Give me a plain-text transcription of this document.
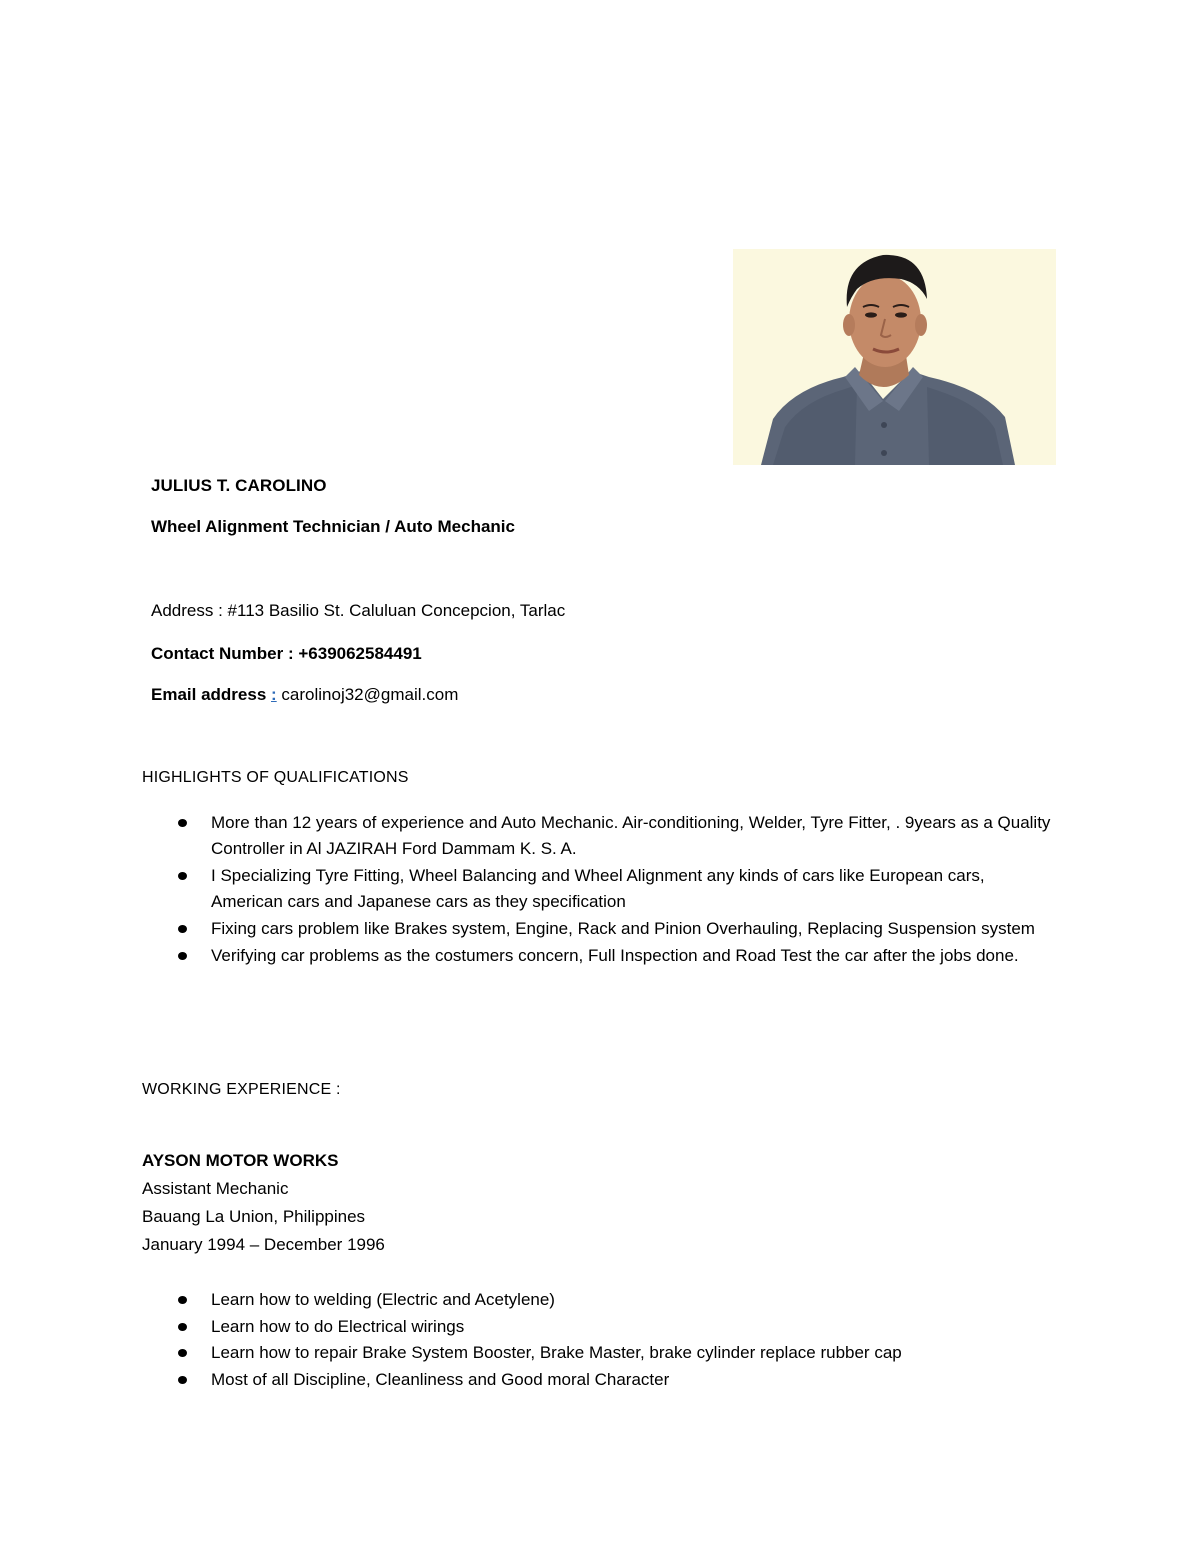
JULIUS T. CAROLINO
Wheel Alignment Technician / Auto Mechanic
Address : #113 Basilio St. Caluluan Concepcion, Tarlac
Contact Number : +639062584491
Email address : carolinoj32@gmail.com
HIGHLIGHTS OF QUALIFICATIONS
More than 12 years of experience and Auto Mechanic. Air-conditioning, Welder, Tyre Fitter, . 9years as a Quality Controller in Al JAZIRAH Ford Dammam K. S. A.
I Specializing Tyre Fitting, Wheel Balancing and Wheel Alignment any kinds of cars like European cars, American cars and Japanese cars as they specification
Fixing cars problem like Brakes system, Engine, Rack and Pinion Overhauling, Replacing Suspension system
Verifying car problems as the costumers concern, Full Inspection and Road Test the car after the jobs done.
WORKING EXPERIENCE :
AYSON MOTOR WORKS
Assistant Mechanic
Bauang La Union, Philippines
January 1994 – December 1996
Learn how to welding (Electric and Acetylene)
Learn how to do Electrical wirings
Learn how to repair Brake System Booster, Brake Master, brake cylinder replace rubber cap
Most of all Discipline, Cleanliness and Good moral Character
